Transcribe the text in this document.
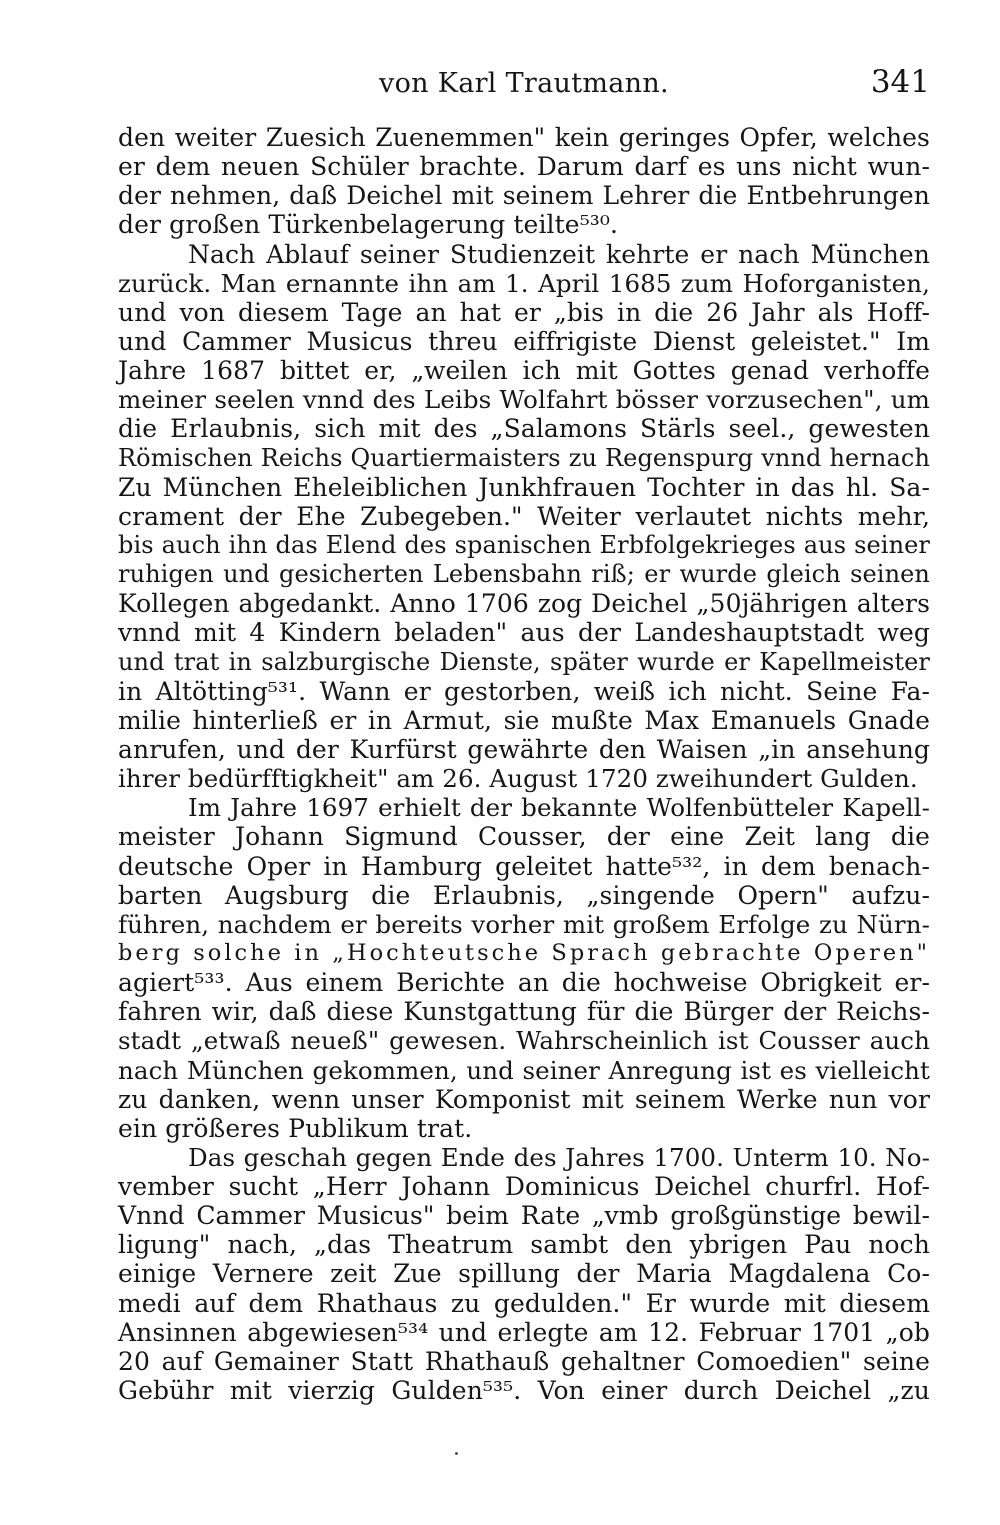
von Karl Trautmann.	341
den weiter Zuesich Zuenemmen" kein geringes Opfer, welches
er dem neuen Schüler brachte. Darum darf es uns nicht wun-
der nehmen, daß Deichel mit seinem Lehrer die Entbehrungen
der großen Türkenbelagerung teilte⁵³⁰.
Nach Ablauf seiner Studienzeit kehrte er nach München
zurück. Man ernannte ihn am 1. April 1685 zum Hoforganisten,
und von diesem Tage an hat er „bis in die 26 Jahr als Hoff-
und Cammer Musicus threu eiffrigiste Dienst geleistet." Im
Jahre 1687 bittet er, „weilen ich mit Gottes genad verhoffe
meiner seelen vnnd des Leibs Wolfahrt bösser vorzusechen", um
die Erlaubnis, sich mit des „Salamons Stärls seel., gewesten
Römischen Reichs Quartiermaisters zu Regenspurg vnnd hernach
Zu München Eheleiblichen Junkhfrauen Tochter in das hl. Sa-
crament der Ehe Zubegeben." Weiter verlautet nichts mehr,
bis auch ihn das Elend des spanischen Erbfolgekrieges aus seiner
ruhigen und gesicherten Lebensbahn riß; er wurde gleich seinen
Kollegen abgedankt. Anno 1706 zog Deichel „50jährigen alters
vnnd mit 4 Kindern beladen" aus der Landeshauptstadt weg
und trat in salzburgische Dienste, später wurde er Kapellmeister
in Altötting⁵³¹. Wann er gestorben, weiß ich nicht. Seine Fa-
milie hinterließ er in Armut, sie mußte Max Emanuels Gnade
anrufen, und der Kurfürst gewährte den Waisen „in ansehung
ihrer bedürfftigkheit" am 26. August 1720 zweihundert Gulden.
Im Jahre 1697 erhielt der bekannte Wolfenbütteler Kapell-
meister Johann Sigmund Cousser, der eine Zeit lang die
deutsche Oper in Hamburg geleitet hatte⁵³², in dem benach-
barten Augsburg die Erlaubnis, „singende Opern" aufzu-
führen, nachdem er bereits vorher mit großem Erfolge zu Nürn-
berg solche in „Hochteutsche Sprach gebrachte Operen"
agiert⁵³³. Aus einem Berichte an die hochweise Obrigkeit er-
fahren wir, daß diese Kunstgattung für die Bürger der Reichs-
stadt „etwaß neueß" gewesen. Wahrscheinlich ist Cousser auch
nach München gekommen, und seiner Anregung ist es vielleicht
zu danken, wenn unser Komponist mit seinem Werke nun vor
ein größeres Publikum trat.
Das geschah gegen Ende des Jahres 1700. Unterm 10. No-
vember sucht „Herr Johann Dominicus Deichel churfrl. Hof-
Vnnd Cammer Musicus" beim Rate „vmb großgünstige bewil-
ligung" nach, „das Theatrum sambt den ybrigen Pau noch
einige Vernere zeit Zue spillung der Maria Magdalena Co-
medi auf dem Rhathaus zu gedulden." Er wurde mit diesem
Ansinnen abgewiesen⁵³⁴ und erlegte am 12. Februar 1701 „ob
20 auf Gemainer Statt Rhathauß gehaltner Comoedien" seine
Gebühr mit vierzig Gulden⁵³⁵. Von einer durch Deichel „zu
